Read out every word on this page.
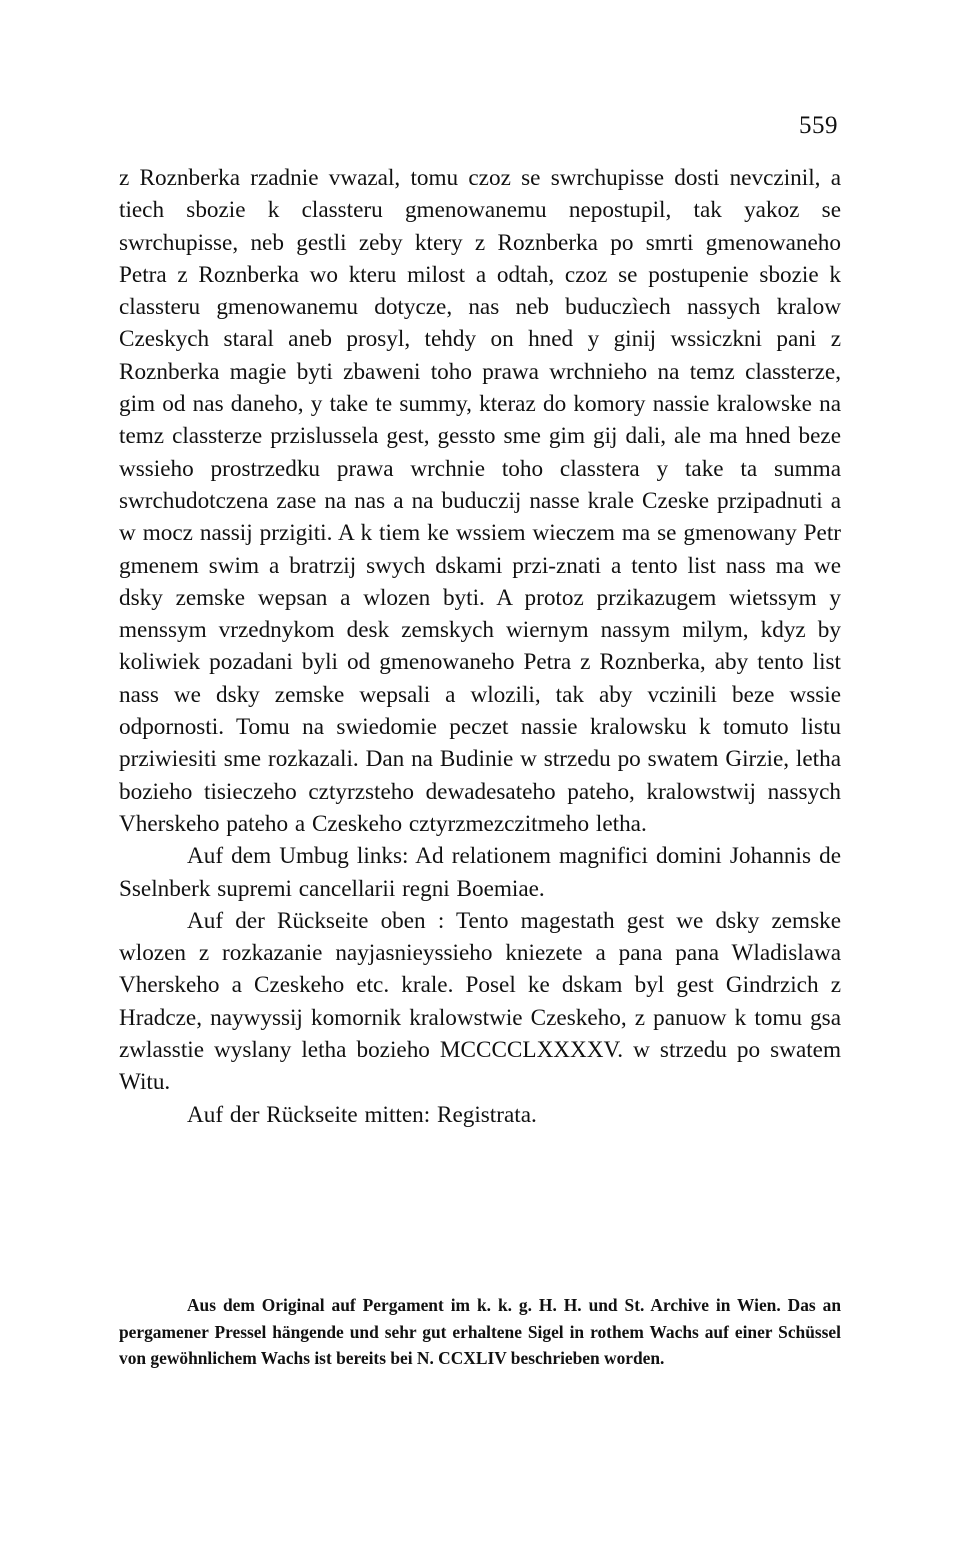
559

z Roznberka rzadnie vwazal, tomu czoz se swrchupisse dosti nevczinil, a tiech sbozie k classteru gmenowanemu nepostupil, tak yakoz se swrchupisse, neb gestli zeby ktery z Roznberka po smrti gmenowaneho Petra z Roznberka wo kteru milost a odtah, czoz se postupenie sbozie k classteru gmenowanemu dotycze, nas neb buduczìech nassych kralow Czeskych staral aneb prosyl, tehdy on hned y ginij wssiczkni pani z Roznberka magie byti zbaweni toho prawa wrchnieho na temz classterze, gim od nas daneho, y take te summy, kteraz do komory nassie kralowske na temz classterze przislussela gest, gessto sme gim gij dali, ale ma hned beze wssieho prostrzedku prawa wrchnie toho classtera y take ta summa swrchudotczena zase na nas a na buduczij nasse krale Czeske przipadnuti a w mocz nassij przigiti. A k tiem ke wssiem wieczem ma se gmenowany Petr gmenem swim a bratrzij swych dskami przi-znati a tento list nass ma we dsky zemske wepsan a wlozen byti. A protoz przikazugem wietssym y menssym vrzednykom desk zemskych wiernym nassym milym, kdyz by koliwiek pozadani byli od gmenowaneho Petra z Roznberka, aby tento list nass we dsky zemske wepsali a wlozili, tak aby vczinili beze wssie odpornosti. Tomu na swiedomie peczet nassie kralowsku k tomuto listu prziwiesiti sme rozkazali. Dan na Budinie w strzedu po swatem Girzie, letha bozieho tisieczeho cztyrzsteho dewadesateho pateho, kralowstwij nassych Vherskeho pateho a Czeskeho cztyrzmezczitmeho letha.

Auf dem Umbug links: Ad relationem magnifici domini Johannis de Sselnberk supremi cancellarii regni Boemiae.

Auf der Rückseite oben : Tento magestath gest we dsky zemske wlozen z rozkazanie nayjasnieyssieho kniezete a pana pana Wladislawa Vherskeho a Czeskeho etc. krale. Posel ke dskam byl gest Gindrzich z Hradcze, naywyssij komornik kralowstwie Czeskeho, z panuow k tomu gsa zwlasstie wyslany letha bozieho MCCCCLXXXXV. w strzedu po swatem Witu.

Auf der Rückseite mitten: Registrata.

Aus dem Original auf Pergament im k. k. g. H. H. und St. Archive in Wien. Das an pergamener Pressel hängende und sehr gut erhaltene Sigel in rothem Wachs auf einer Schüssel von gewöhnlichem Wachs ist bereits bei N. CCXLIV beschrieben worden.
